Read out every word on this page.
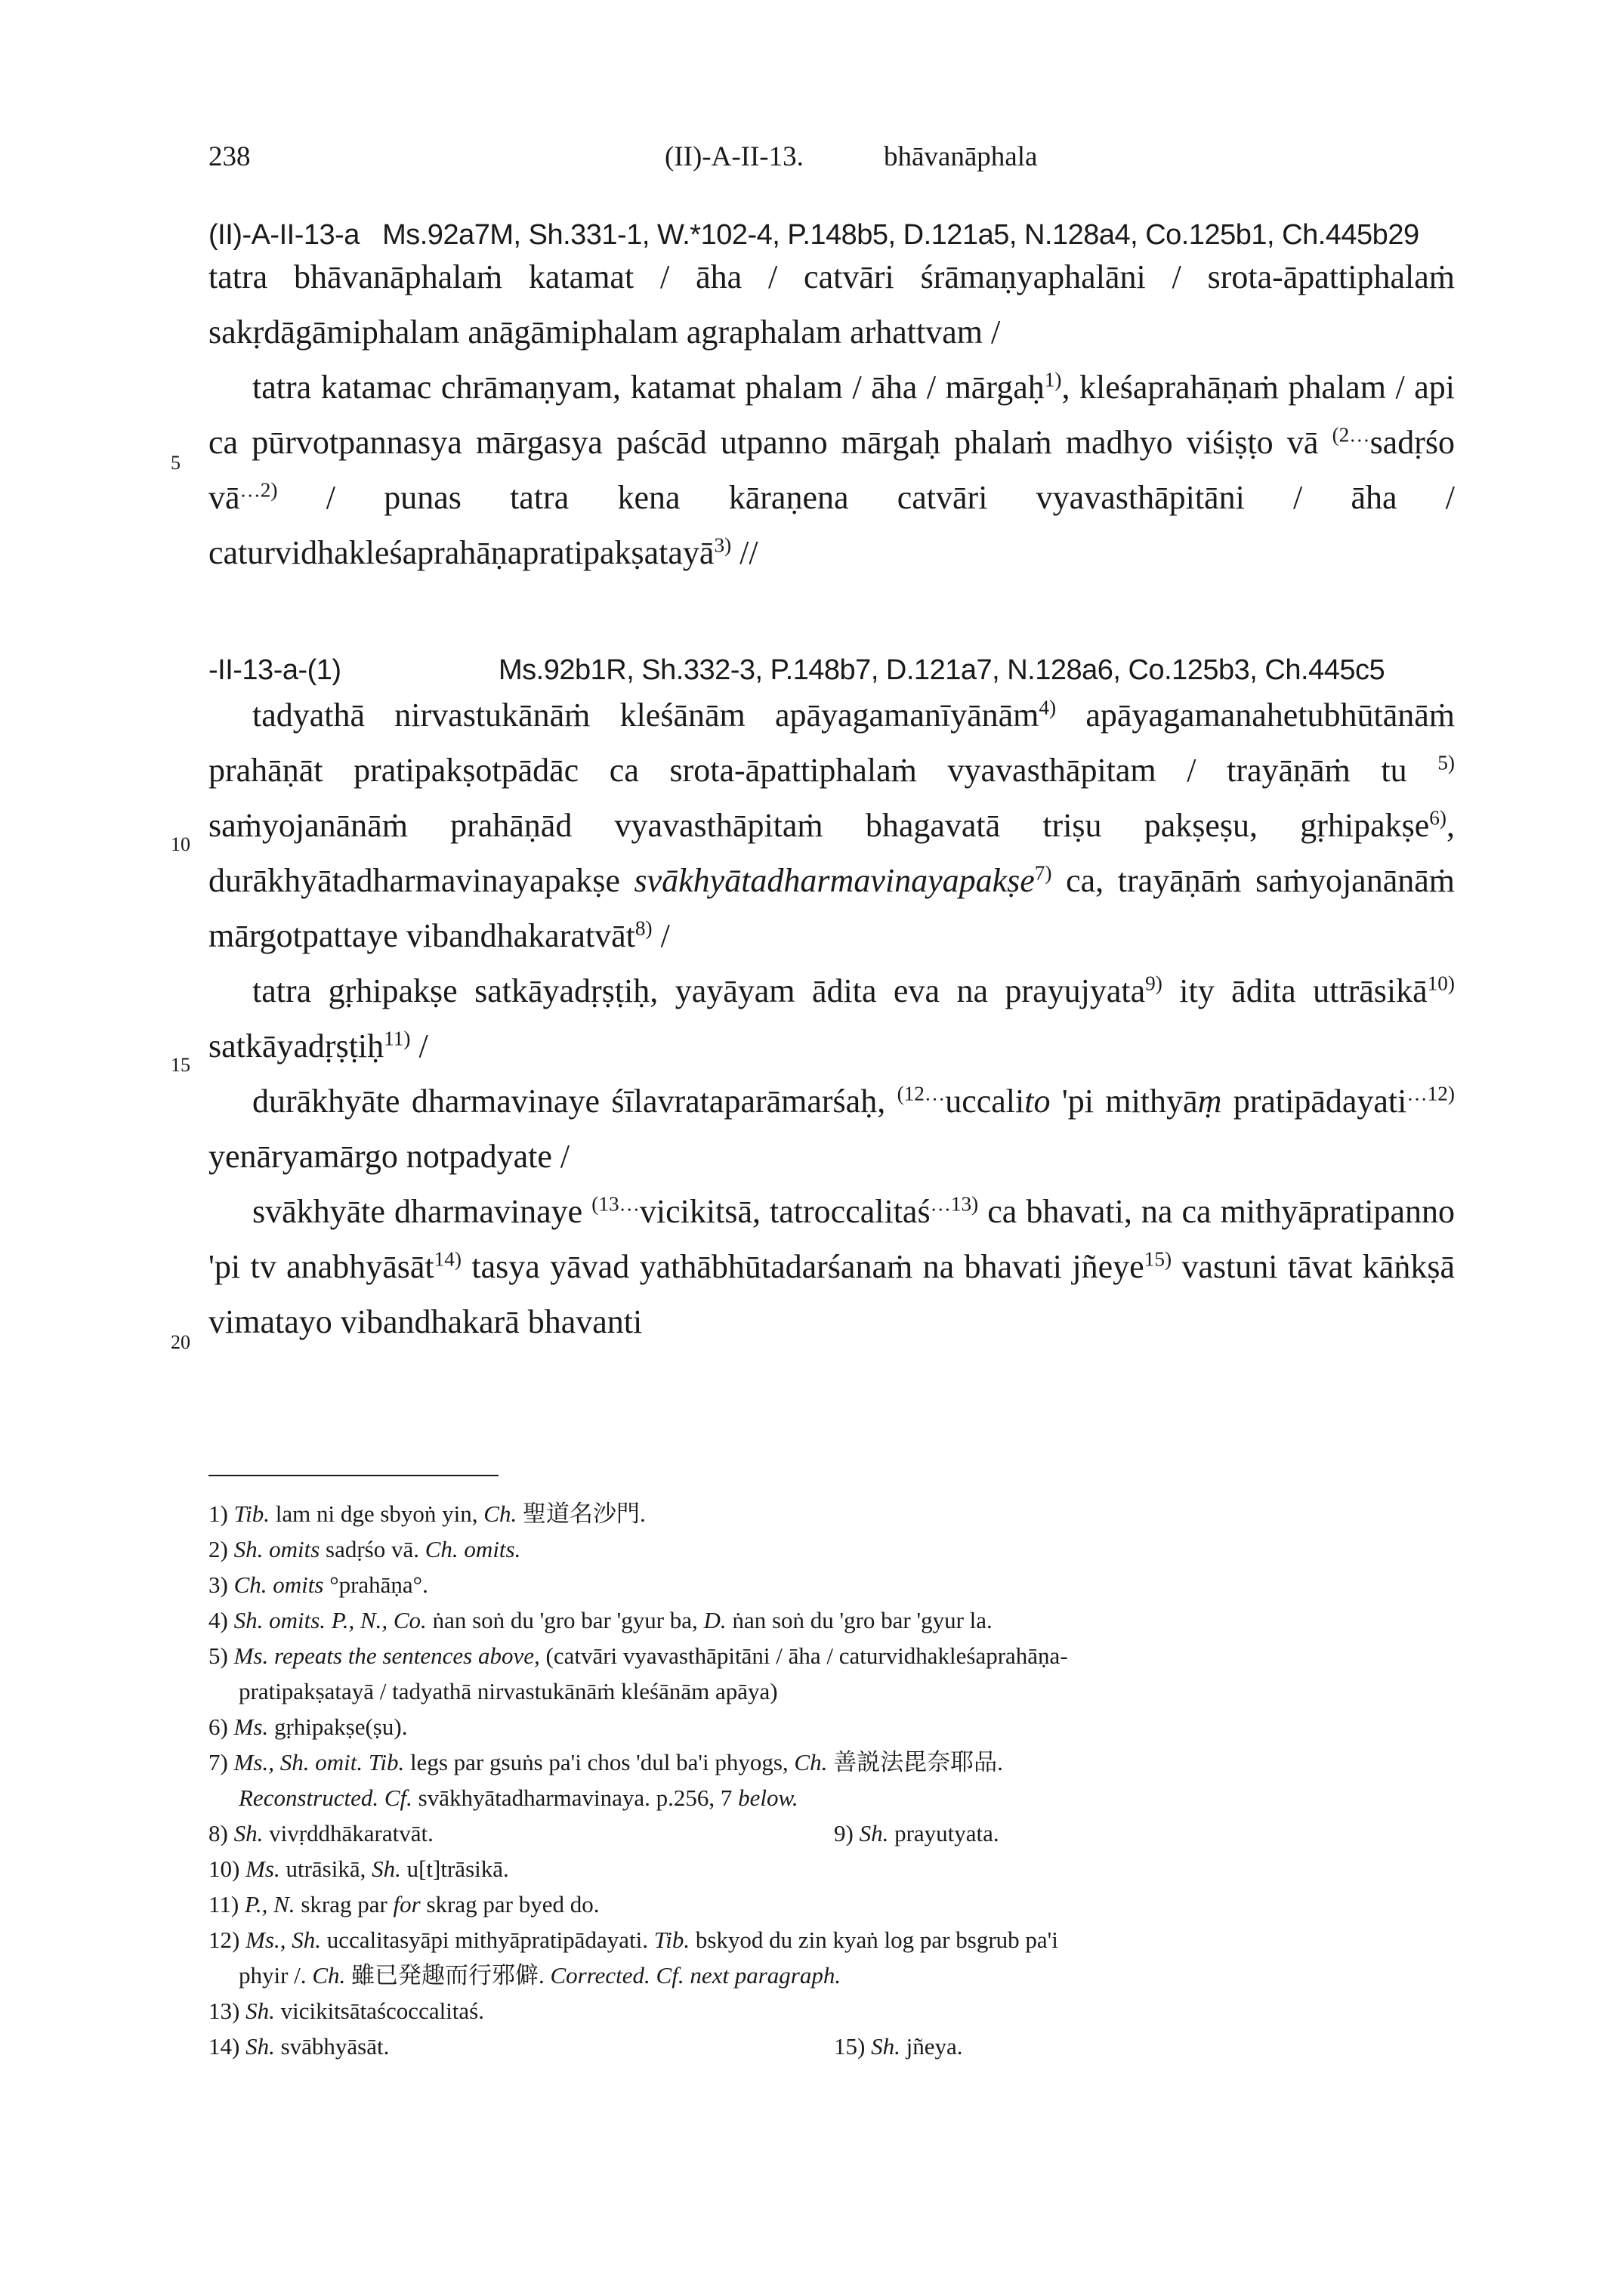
238	(II)-A-II-13.	bhāvanāphala
(II)-A-II-13-a Ms.92a7M, Sh.331-1, W.*102-4, P.148b5, D.121a5, N.128a4, Co.125b1, Ch.445b29

tatra bhāvanāphalaṁ katamat / āha / catvāri śrāmaṇyaphalāni / srota-āpattiphalaṁ sakṛdāgāmiphalam anāgāmiphalam agraphalam arhattvam /

tatra katamac chrāmaṇyam, katamat phalam / āha / mārgaḥ$^{1)}$, kleśaprahāṇaṁ phalam / api ca pūrvotpannasya mārgasya paścād utpanno mārgaḥ phalaṁ madhyo viśiṣṭo vā $^{(2\dots}$sadṛśo $vā^{\dots 2)}$ / punas tatra kena kāraṇena catvāri vyavasthāpitāni / āha / caturvidhakleśaprahāṇapratipakṣatayā$^{3)}$ //

-II-13-a-(1)	Ms.92b1R, Sh.332-3, P.148b7, D.121a7, N.128a6, Co.125b3, Ch.445c5

tadyathā nirvastukānāṁ kleśānām apāyagamanīyānām$^{4)}$ apāyagamanahetubhūtānāṁ prahāṇāt pratipakṣotpādāc ca srota-āpattiphalaṁ vyavasthāpitam / trayāṇāṁ tu $^{5)}$ saṁyojanānāṁ prahāṇād vyavasthāpitaṁ bhagavatā triṣu pakṣeṣu, gṛhipakṣe$^{6)}$, durākhyātadharmavinayapakṣe svākhyātadharmavinayapakṣe$^{7)}$ ca, trayāṇāṁ saṁyojanānāṁ mārgotpattaye vibandhakaratvāt$^{8)}$ /

tatra gṛhipakṣe satkāyadṛṣṭiḥ, yayāyam ādita eva na prayujyata$^{9)}$ ity ādita uttrāsikā$^{10)}$ satkāyadṛṣṭiḥ$^{11)}$ /

durākhyāte dharmavinaye śīlavrataparāmarśaḥ, $^{(12\dots}$uccalito 'pi mithyāṃ pratipādayati$^{\dots 12)}$ yenāryamārgo notpadyate /

svākhyāte dharmavinaye $^{(13\dots}$vicikitsā, tatroccalitaś$^{\dots 13)}$ ca bhavati, na ca mithyāpratipanno 'pi tv anabhyāsāt$^{14)}$ tasya yāvad yathābhūtadarśanaṁ na bhavati jñeye$^{15)}$ vastuni tāvat kāṅkṣā vimatayo vibandhakarā bhavanti

5
10
15
20
1) Tib. lam ni dge sbyoṅ yin, Ch. 聖道名沙門.
2) Sh. omits sadṛśo vā. Ch. omits.
3) Ch. omits °prahāṇa°.
4) Sh. omits. P., N., Co. ṅan soṅ du 'gro bar 'gyur ba, D. ṅan soṅ du 'gro bar 'gyur la.
5) Ms. repeats the sentences above, (catvāri vyavasthāpitāni / āha / caturvidhakleśaprahāṇa-
pratipakṣatayā / tadyathā nirvastukānāṁ kleśānām apāya)
6) Ms. gṛhipakṣe(ṣu).
7) Ms., Sh. omit. Tib. legs par gsuṅs pa'i chos 'dul ba'i phyogs, Ch. 善説法毘奈耶品.
Reconstructed. Cf. svākhyātadharmavinaya. p.256, 7 below.
8) Sh. vivṛddhākaratvāt.	9) Sh. prayutyata.
10) Ms. utrāsikā, Sh. u[t]trāsikā.
11) P., N. skrag par for skrag par byed do.
12) Ms., Sh. uccalitasyāpi mithyāpratipādayati. Tib. bskyod du zin kyaṅ log par bsgrub pa'i
phyir /. Ch. 雖已発趣而行邪僻. Corrected. Cf. next paragraph.
13) Sh. vicikitsātaścoccalitaś.
14) Sh. svābhyāsāt.	15) Sh. jñeya.
